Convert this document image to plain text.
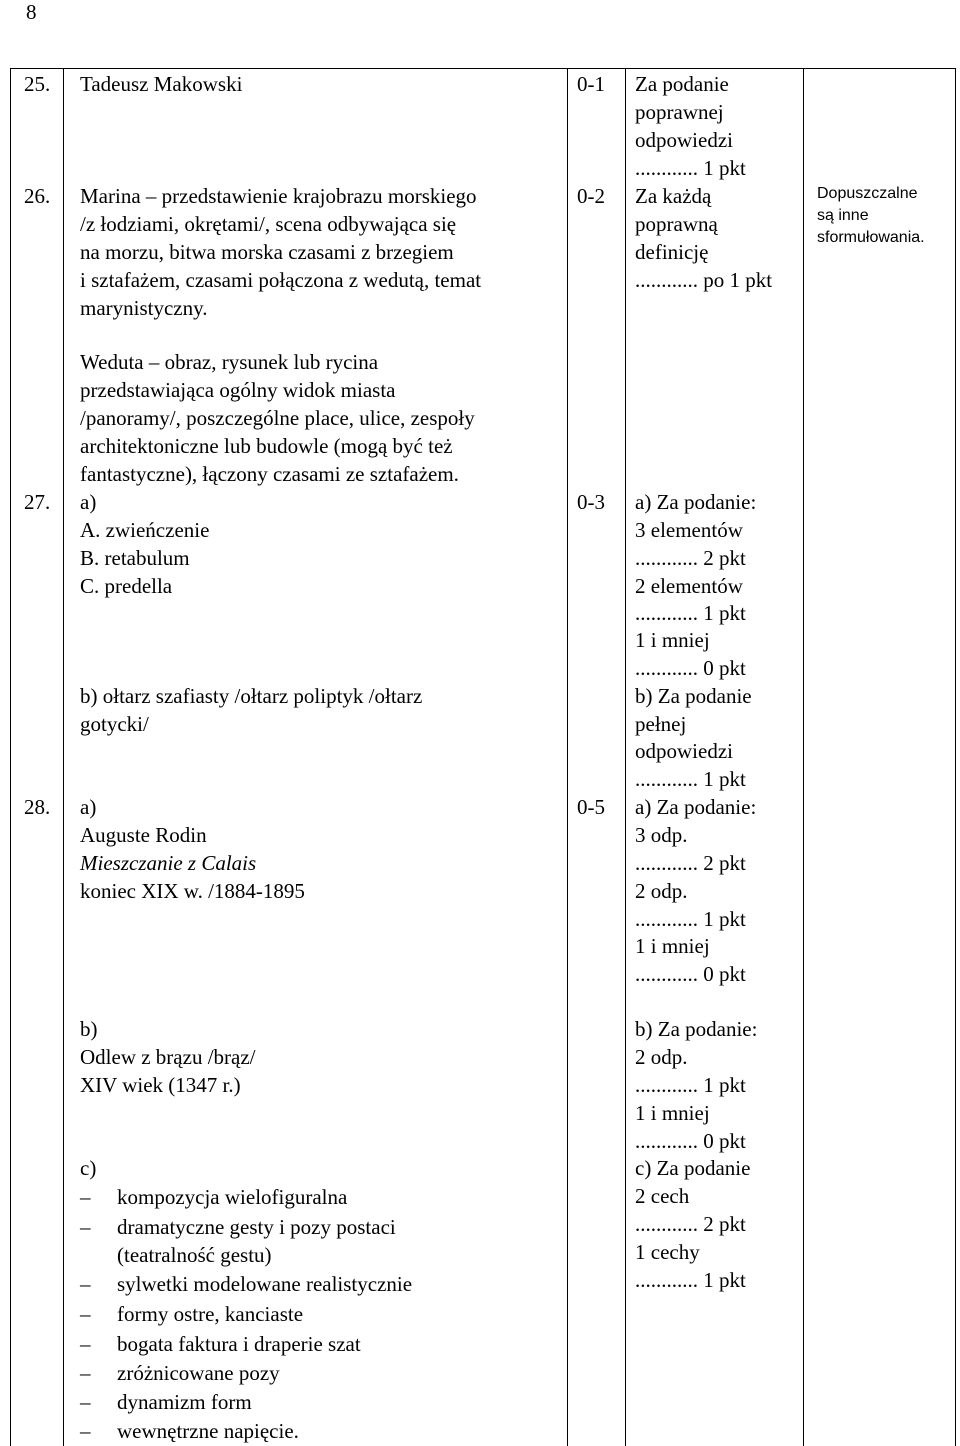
8
25. Tadeusz Makowski	0-1 Za podanie
poprawnej
odpowiedzi
............ 1 pkt
26. Marina – przedstawienie krajobrazu morskiego
/z łodziami, okrętami/, scena odbywająca się
na morzu, bitwa morska czasami z brzegiem
i sztafażem, czasami połączona z wedutą, temat
marynistyczny.
Weduta – obraz, rysunek lub rycina
przedstawiająca ogólny widok miasta
/panoramy/, poszczególne place, ulice, zespoły
architektoniczne lub budowle (mogą być też
fantastyczne), łączony czasami ze sztafażem.
0-2 Za każdą
poprawną
definicję
............ po 1 pkt
Dopuszczalne
są inne
sformułowania.
27. a)
A. zwieńczenie
B. retabulum
C. predella
b) ołtarz szafiasty /ołtarz poliptyk /ołtarz
gotycki/
0-3 a) Za podanie:
3 elementów
............ 2 pkt
2 elementów
............ 1 pkt
1 i mniej
............ 0 pkt
b) Za podanie
pełnej
odpowiedzi
............ 1 pkt
28. a)
Auguste Rodin
Mieszczanie z Calais
koniec XIX w. /1884-1895
b)
Odlew z brązu /brąz/
XIV wiek (1347 r.)
c)
– kompozycja wielofiguralna
– dramatyczne gesty i pozy postaci
(teatralność gestu)
– sylwetki modelowane realistycznie
– formy ostre, kanciaste
– bogata faktura i draperie szat
– zróżnicowane pozy
– dynamizm form
– wewnętrzne napięcie.
0-5 a) Za podanie:
3 odp.
............ 2 pkt
2 odp.
............ 1 pkt
1 i mniej
............ 0 pkt
b) Za podanie:
2 odp.
............ 1 pkt
1 i mniej
............ 0 pkt
c) Za podanie
2 cech
............ 2 pkt
1 cechy
............ 1 pkt
